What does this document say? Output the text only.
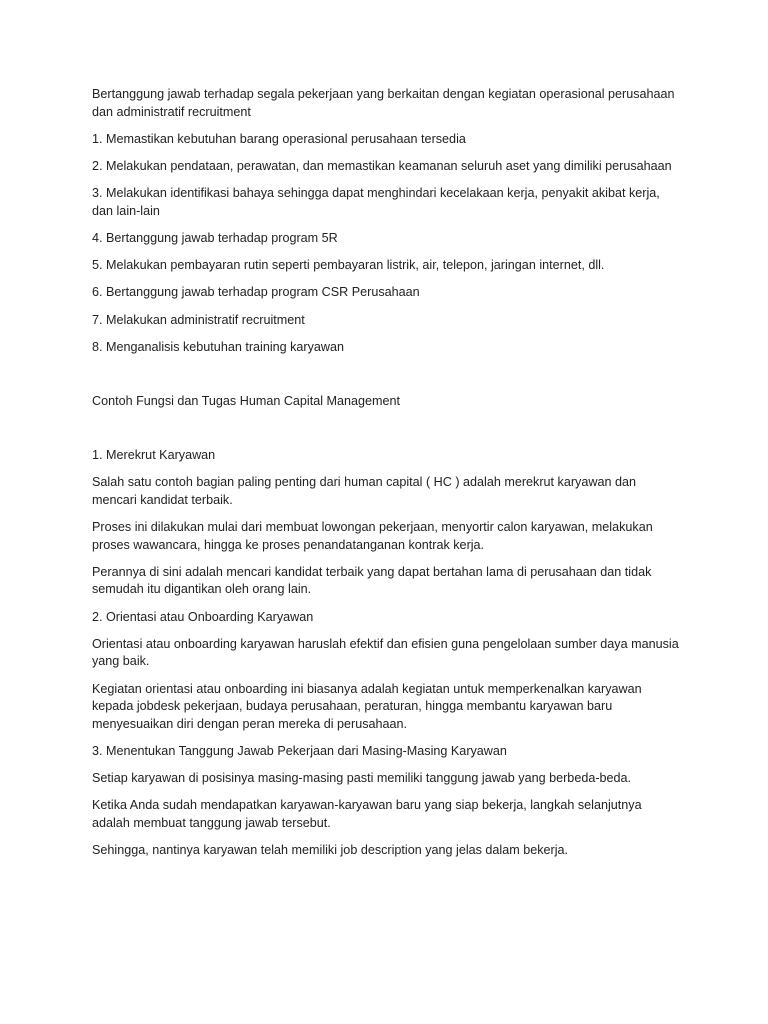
Bertanggung jawab terhadap segala pekerjaan yang berkaitan dengan kegiatan operasional perusahaan dan administratif recruitment

1. Memastikan kebutuhan barang operasional perusahaan tersedia

2. Melakukan pendataan, perawatan, dan memastikan keamanan seluruh aset yang dimiliki perusahaan

3. Melakukan identifikasi bahaya sehingga dapat menghindari kecelakaan kerja, penyakit akibat kerja, dan lain-lain

4. Bertanggung jawab terhadap program 5R

5. Melakukan pembayaran rutin seperti pembayaran listrik, air, telepon, jaringan internet, dll.

6. Bertanggung jawab terhadap program CSR Perusahaan

7. Melakukan administratif recruitment

8. Menganalisis kebutuhan training karyawan

Contoh Fungsi dan Tugas Human Capital Management

1. Merekrut Karyawan

Salah satu contoh bagian paling penting dari human capital ( HC ) adalah merekrut karyawan dan mencari kandidat terbaik.

Proses ini dilakukan mulai dari membuat lowongan pekerjaan, menyortir calon karyawan, melakukan proses wawancara, hingga ke proses penandatanganan kontrak kerja.

Perannya di sini adalah mencari kandidat terbaik yang dapat bertahan lama di perusahaan dan tidak semudah itu digantikan oleh orang lain.

2. Orientasi atau Onboarding Karyawan

Orientasi atau onboarding karyawan haruslah efektif dan efisien guna pengelolaan sumber daya manusia yang baik.

Kegiatan orientasi atau onboarding ini biasanya adalah kegiatan untuk memperkenalkan karyawan kepada jobdesk pekerjaan, budaya perusahaan, peraturan, hingga membantu karyawan baru menyesuaikan diri dengan peran mereka di perusahaan.

3. Menentukan Tanggung Jawab Pekerjaan dari Masing-Masing Karyawan

Setiap karyawan di posisinya masing-masing pasti memiliki tanggung jawab yang berbeda-beda.

Ketika Anda sudah mendapatkan karyawan-karyawan baru yang siap bekerja, langkah selanjutnya adalah membuat tanggung jawab tersebut.

Sehingga, nantinya karyawan telah memiliki job description yang jelas dalam bekerja.
